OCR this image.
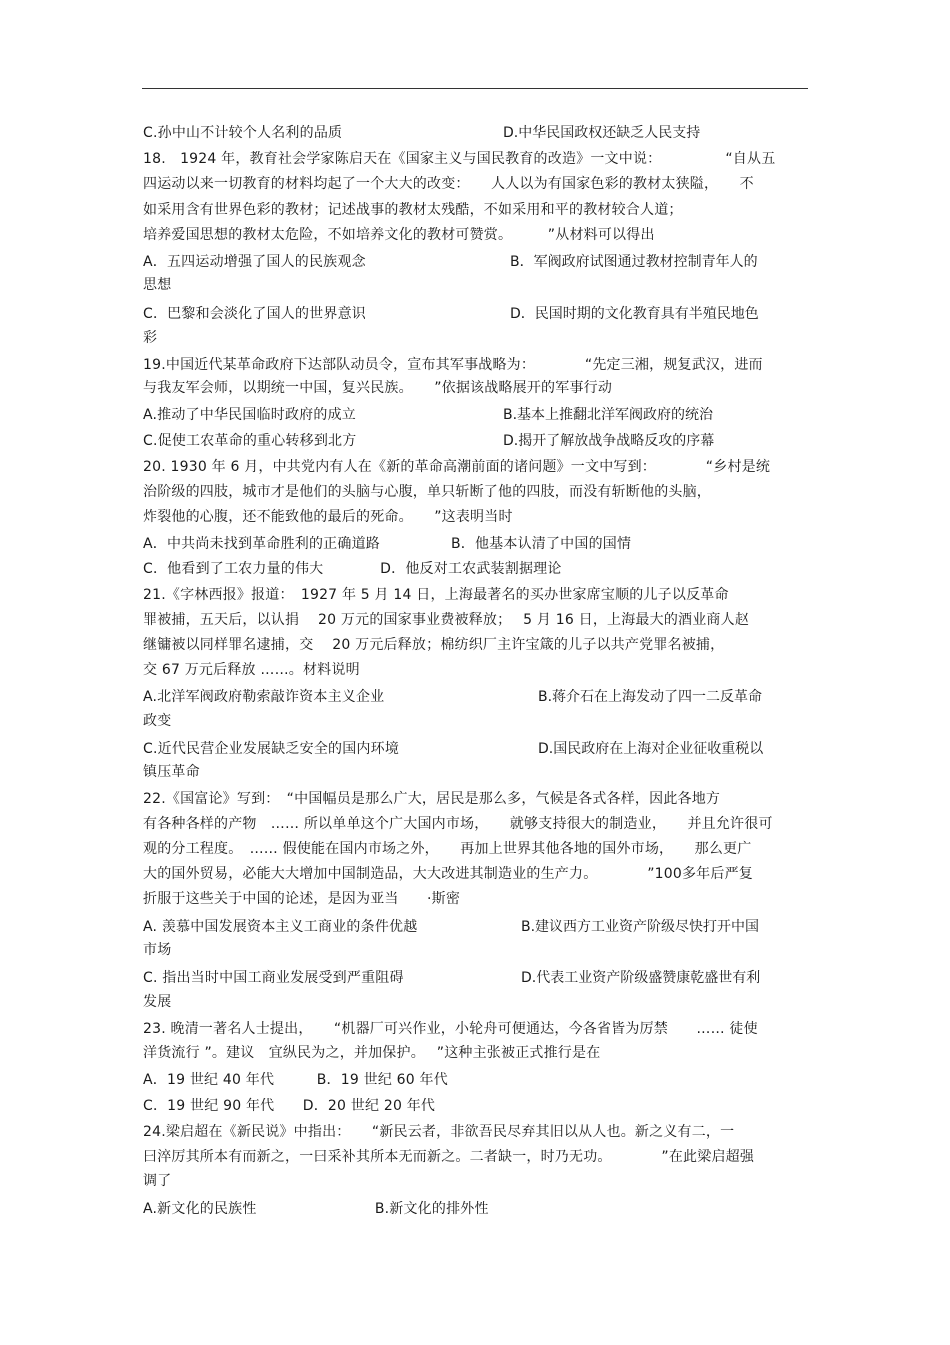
C.孙中山不计较个人名利的品质
18.　1924 年，教育社会学家陈启天在《国家主义与国民教育的改造》一文中说：　　　　　“自从五
四运动以来一切教育的材料均起了一个大大的改变：　　人人以为有国家色彩的教材太狭隘，　　不
如采用含有世界色彩的教材；记述战事的教材太残酷，不如采用和平的教材较合人道；
培养爱国思想的教材太危险，不如培养文化的教材可赞赏。　　　”从材料可以得出
A．五四运动增强了国人的民族观念
思想
C．巴黎和会淡化了国人的世界意识
彩
19.中国近代某革命政府下达部队动员令，宣布其军事战略为：　　　　“先定三湘，规复武汉，进而
与我友军会师，以期统一中国，复兴民族。　　”依据该战略展开的军事行动
A.推动了中华民国临时政府的成立
C.促使工农革命的重心转移到北方
20. 1930 年 6 月，中共党内有人在《新的革命高潮前面的诸问题》一文中写到：　　　　“乡村是统
治阶级的四肢，城市才是他们的头脑与心腹，单只斩断了他的四肢，而没有斩断他的头脑，
炸裂他的心腹，还不能致他的最后的死命。　　”这表明当时
A．中共尚未找到革命胜利的正确道路　　　　　B．他基本认清了中国的国情
C．他看到了工农力量的伟大　　　　D．他反对工农武装割据理论
21.《字林西报》报道：　1927 年 5 月 14 日，上海最著名的买办世家席宝顺的儿子以反革命
罪被捕，五天后，以认捐　 20 万元的国家事业费被释放；　 5 月 16 日，上海最大的酒业商人赵
继镛被以同样罪名逮捕，交　 20 万元后释放；棉纺织厂主许宝箴的儿子以共产党罪名被捕，
交 67 万元后释放 ……。材料说明
A.北洋军阀政府勒索敲诈资本主义企业
政变
C.近代民营企业发展缺乏安全的国内环境
镇压革命
22.《国富论》写到：　“中国幅员是那么广大，居民是那么多，气候是各式各样，因此各地方
有各种各样的产物　…… 所以单单这个广大国内市场，　　就够支持很大的制造业，　　并且允许很可
观的分工程度。　…… 假使能在国内市场之外，　　再加上世界其他各地的国外市场，　　那么更广
大的国外贸易，必能大大增加中国制造品，大大改进其制造业的生产力。　　　　”100多年后严复
折服于这些关于中国的论述，是因为亚当　　·斯密
A. 羡慕中国发展资本主义工商业的条件优越
市场
C. 指出当时中国工商业发展受到严重阻碍
发展
23. 晚清一著名人士提出，　　“机器厂可兴作业，小轮舟可便通达，今各省皆为厉禁　　…… 徒使
洋货流行 ”。建议　宜纵民为之，并加保护。　 ”这种主张被正式推行是在
A．19 世纪 40 年代　　　B．19 世纪 60 年代
C．19 世纪 90 年代　　D．20 世纪 20 年代
24.梁启超在《新民说》中指出：　　“新民云者，非欲吾民尽弃其旧以从人也。新之义有二，一
曰淬厉其所本有而新之，一曰采补其所本无而新之。二者缺一，时乃无功。　　　　”在此梁启超强
调了
A.新文化的民族性　　　　　　　　 B.新文化的排外性
D.中华民国政权还缺乏人民支持
B．军阀政府试图通过教材控制青年人的
D．民国时期的文化教育具有半殖民地色
B.基本上推翻北洋军阀政府的统治
D.揭开了解放战争战略反攻的序幕
B.蒋介石在上海发动了四一二反革命
D.国民政府在上海对企业征收重税以
B.建议西方工业资产阶级尽快打开中国
D.代表工业资产阶级盛赞康乾盛世有利
